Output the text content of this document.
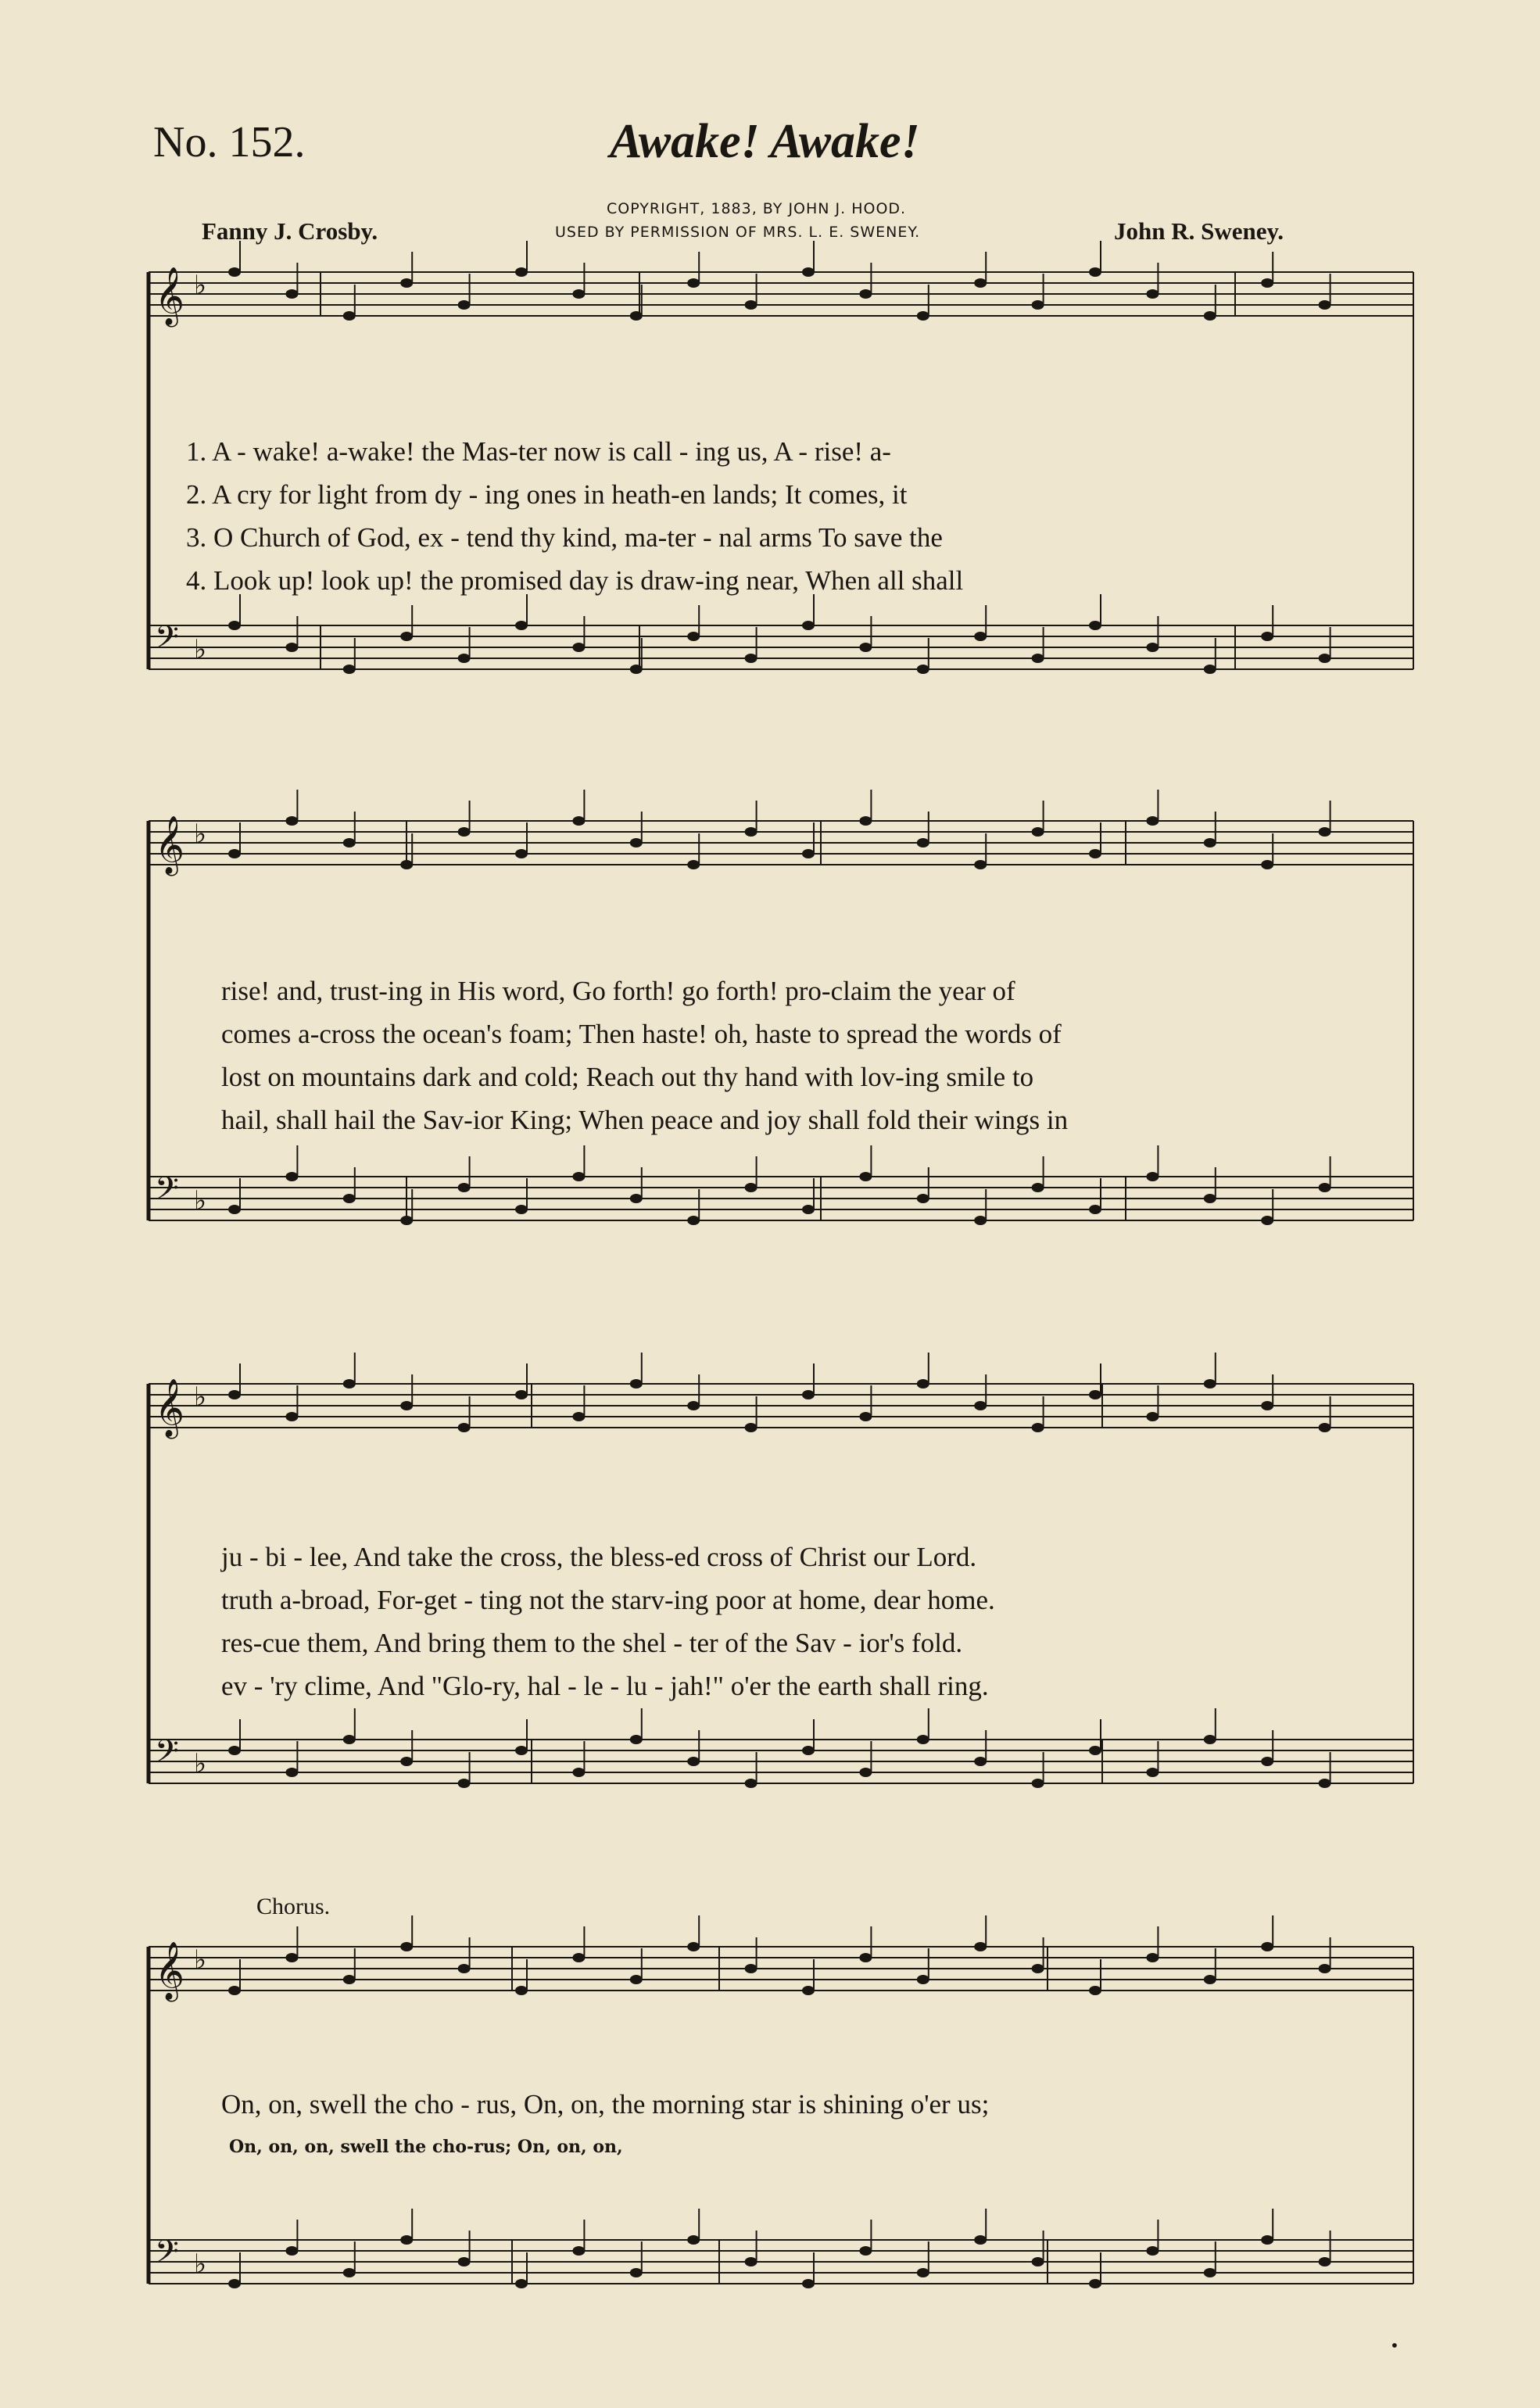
No. 152.	Awake! Awake!
COPYRIGHT, 1883, BY JOHN J. HOOD.
USED BY PERMISSION OF MRS. L. E. SWENEY.
Fanny J. Crosby.	John R. Sweney.
𝄞 ♭
𝄢 ♭
𝄞 ♭
𝄢 ♭
𝄞 ♭
𝄢 ♭
𝄞 ♭
𝄢 ♭
1. A - wake! a-wake! the Mas-ter now is call - ing us, A - rise! a-
2. A cry for light from dy - ing ones in heath-en lands; It comes, it
3. O Church of God, ex - tend thy kind, ma-ter - nal arms To save the
4. Look up! look up! the promised day is draw-ing near, When all shall
rise! and, trust-ing in His word, Go forth! go forth! pro-claim the year of
comes a-cross the ocean's foam; Then haste! oh, haste to spread the words of
lost on mountains dark and cold; Reach out thy hand with lov-ing smile to
hail, shall hail the Sav-ior King; When peace and joy shall fold their wings in
ju - bi - lee, And take the cross, the bless-ed cross of Christ our Lord.
truth a-broad, For-get - ting not the starv-ing poor at home, dear home.
res-cue them, And bring them to the shel - ter of the Sav - ior's fold.
ev - 'ry clime, And "Glo-ry, hal - le - lu - jah!" o'er the earth shall ring.
Chorus.
On, on, swell the cho - rus, On, on, the morning star is shining o'er us;
On, on, on, swell the cho-rus; On, on, on,
•
